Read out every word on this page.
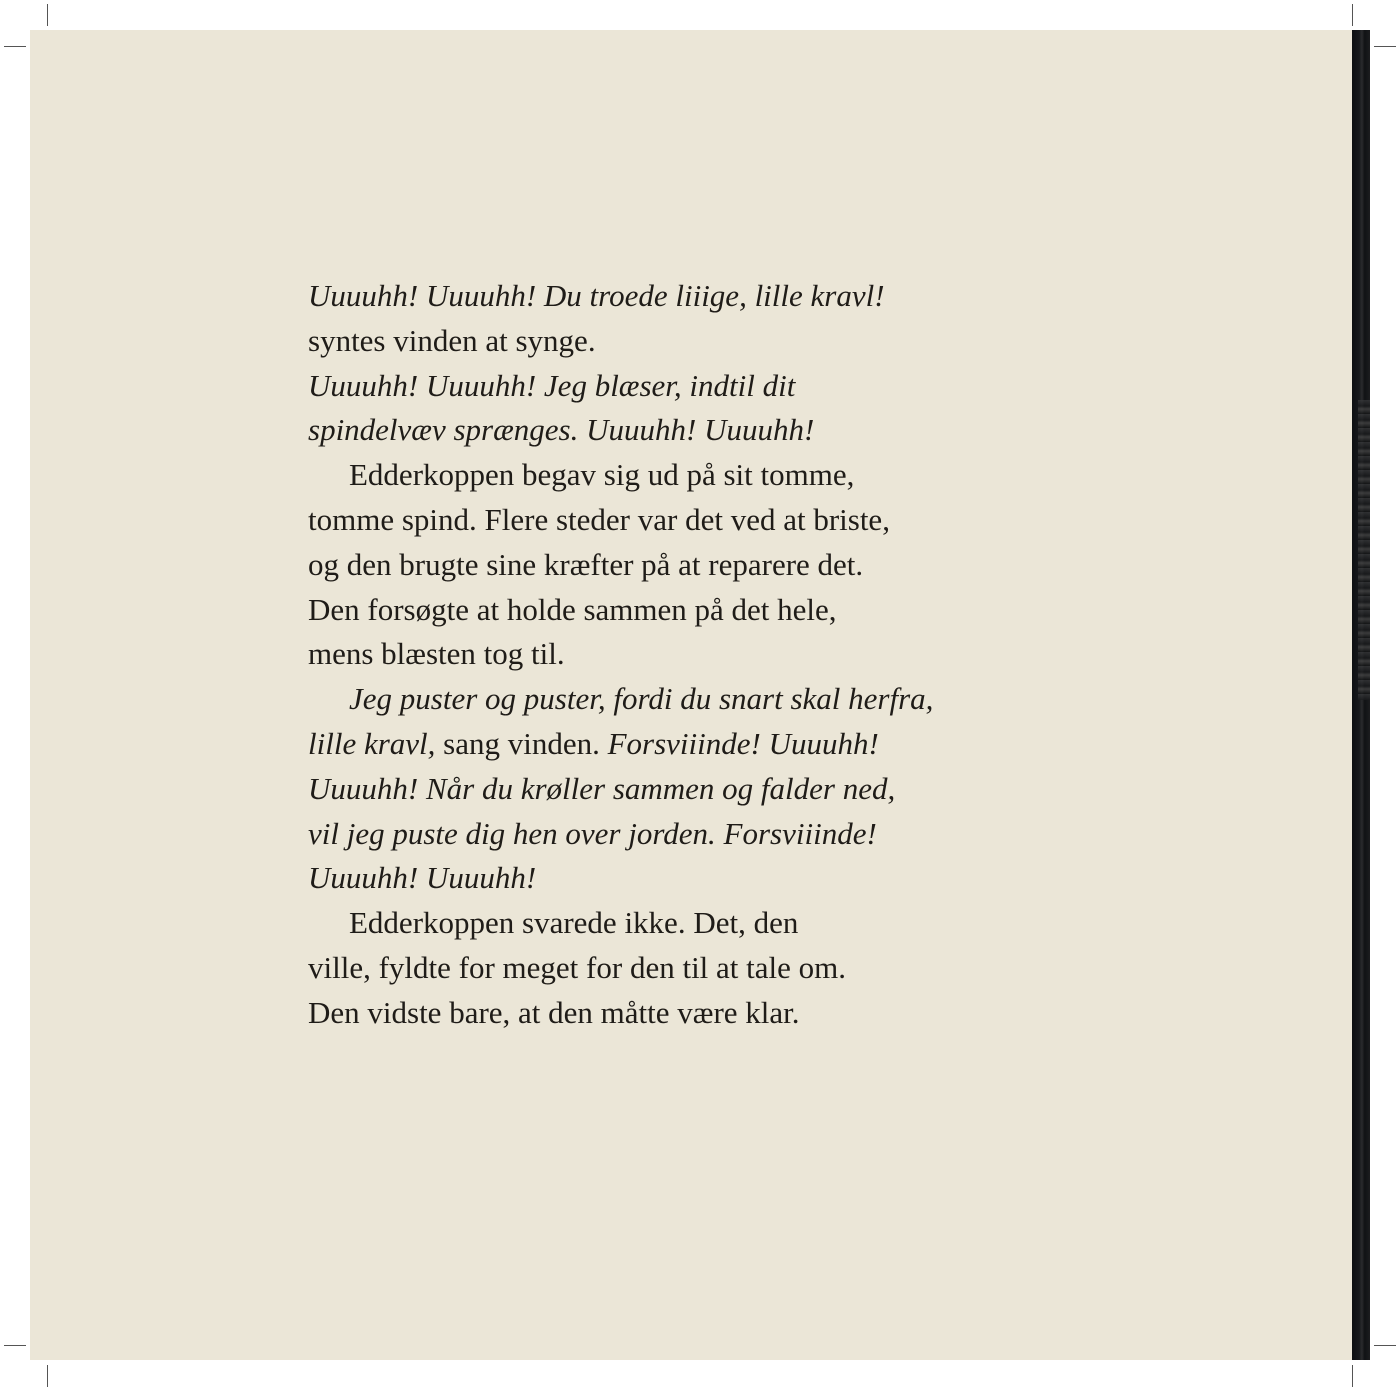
Uuuuhh! Uuuuhh! Du troede liiige, lille kravl!
syntes vinden at synge.
Uuuuhh! Uuuuhh! Jeg blæser, indtil dit
spindelvæv sprænges. Uuuuhh! Uuuuhh!
Edderkoppen begav sig ud på sit tomme,
tomme spind. Flere steder var det ved at briste,
og den brugte sine kræfter på at reparere det.
Den forsøgte at holde sammen på det hele,
mens blæsten tog til.
Jeg puster og puster, fordi du snart skal herfra,
lille kravl, sang vinden. Forsviiinde! Uuuuhh!
Uuuuhh! Når du krøller sammen og falder ned,
vil jeg puste dig hen over jorden. Forsviiinde!
Uuuuhh! Uuuuhh!
Edderkoppen svarede ikke. Det, den
ville, fyldte for meget for den til at tale om.
Den vidste bare, at den måtte være klar.
